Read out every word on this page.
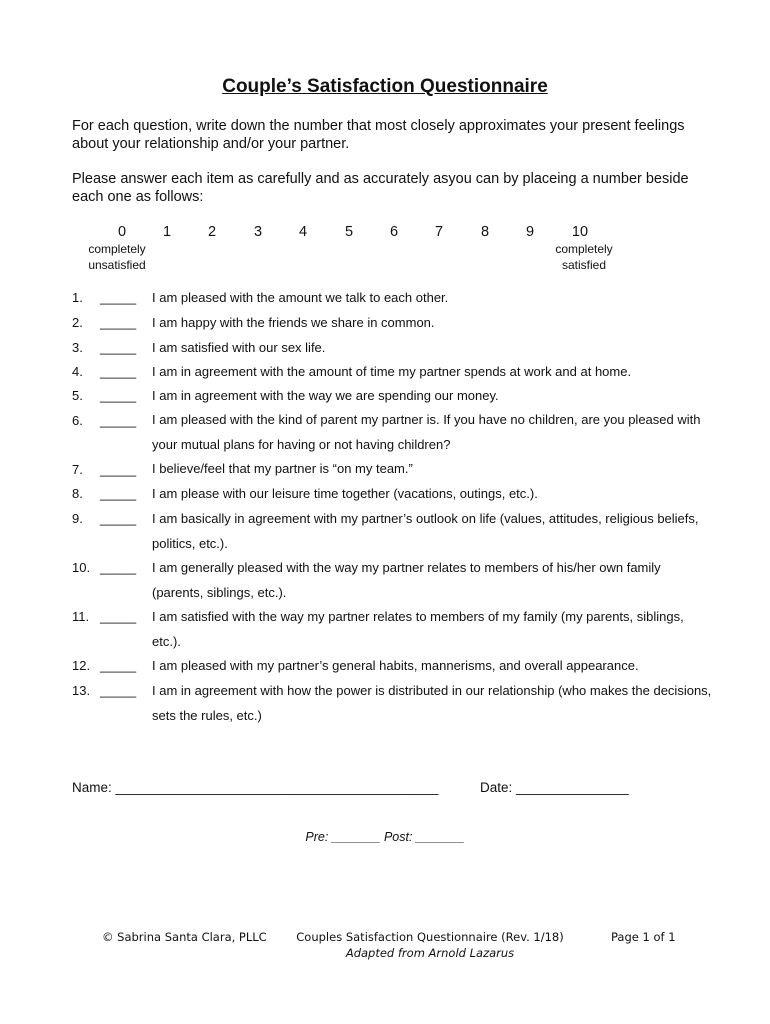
Couple’s Satisfaction Questionnaire
For each question, write down the number that most closely approximates your present feelings about your relationship and/or your partner.
Please answer each item as carefully and as accurately asyou can by placeing a number beside each one as follows:
0	1	2	3	4	5	6	7	8	9	10
completely
unsatisfied
completely
satisfied
1. _____ I am pleased with the amount we talk to each other.
2. _____ I am happy with the friends we share in common.
3. _____ I am satisfied with our sex life.
4. _____ I am in agreement with the amount of time my partner spends at work and at home.
5. _____ I am in agreement with the way we are spending our money.
6. _____ I am pleased with the kind of parent my partner is. If you have no children, are you pleased with your mutual plans for having or not having children?
7. _____ I believe/feel that my partner is “on my team.”
8. _____ I am please with our leisure time together (vacations, outings, etc.).
9. _____ I am basically in agreement with my partner’s outlook on life (values, attitudes, religious beliefs, politics, etc.).
10. _____ I am generally pleased with the way my partner relates to members of his/her own family (parents, siblings, etc.).
11. _____ I am satisfied with the way my partner relates to members of my family (my parents, siblings, etc.).
12. _____ I am pleased with my partner’s general habits, mannerisms, and overall appearance.
13. _____ I am in agreement with how the power is distributed in our relationship (who makes the decisions, sets the rules, etc.)
Name: ___________________________________________	Date: _______________
Pre: _______ Post: _______
© Sabrina Santa Clara, PLLC	Couples Satisfaction Questionnaire (Rev. 1/18)
Adapted from Arnold Lazarus
Page 1 of 1
